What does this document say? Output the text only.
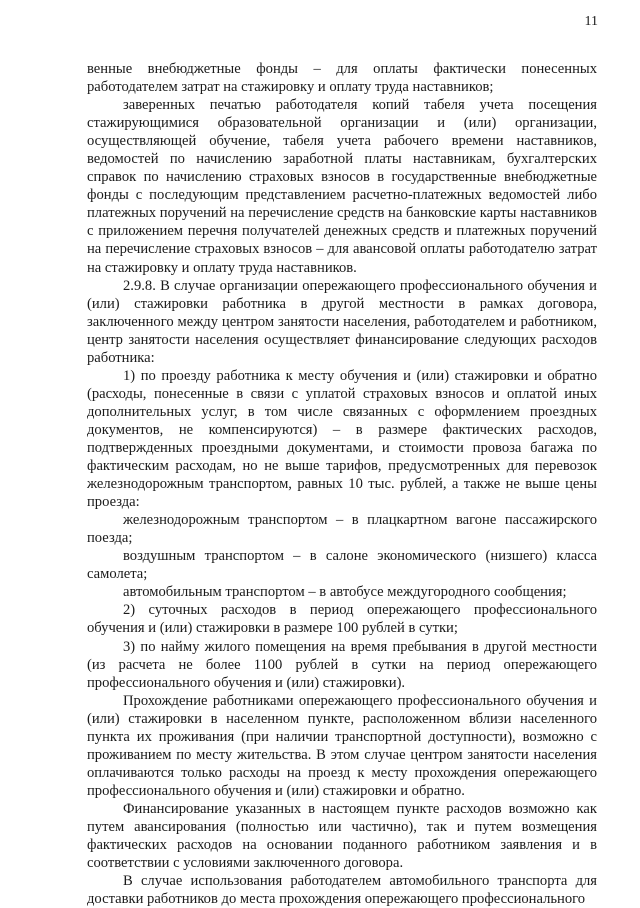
11

венные внебюджетные фонды – для оплаты фактически понесенных работодателем затрат на стажировку и оплату труда наставников;

заверенных печатью работодателя копий табеля учета посещения стажирующимися образовательной организации и (или) организации, осуществляющей обучение, табеля учета рабочего времени наставников, ведомостей по начислению заработной платы наставникам, бухгалтерских справок по начислению страховых взносов в государственные внебюджетные фонды с последующим представлением расчетно-платежных ведомостей либо платежных поручений на перечисление средств на банковские карты наставников с приложением перечня получателей денежных средств и платежных поручений на перечисление страховых взносов – для авансовой оплаты работодателю затрат на стажировку и оплату труда наставников.

2.9.8. В случае организации опережающего профессионального обучения и (или) стажировки работника в другой местности в рамках договора, заключенного между центром занятости населения, работодателем и работником, центр занятости населения осуществляет финансирование следующих расходов работника:

1) по проезду работника к месту обучения и (или) стажировки и обратно (расходы, понесенные в связи с уплатой страховых взносов и оплатой иных дополнительных услуг, в том числе связанных с оформлением проездных документов, не компенсируются) – в размере фактических расходов, подтвержденных проездными документами, и стоимости провоза багажа по фактическим расходам, но не выше тарифов, предусмотренных для перевозок железнодорожным транспортом, равных 10 тыс. рублей, а также не выше цены проезда:

железнодорожным транспортом – в плацкартном вагоне пассажирского поезда;

воздушным транспортом – в салоне экономического (низшего) класса самолета;

автомобильным транспортом – в автобусе междугородного сообщения;

2) суточных расходов в период опережающего профессионального обучения и (или) стажировки в размере 100 рублей в сутки;

3) по найму жилого помещения на время пребывания в другой местности (из расчета не более 1100 рублей в сутки на период опережающего профессионального обучения и (или) стажировки).

Прохождение работниками опережающего профессионального обучения и (или) стажировки в населенном пункте, расположенном вблизи населенного пункта их проживания (при наличии транспортной доступности), возможно с проживанием по месту жительства. В этом случае центром занятости населения оплачиваются только расходы на проезд к месту прохождения опережающего профессионального обучения и (или) стажировки и обратно.

Финансирование указанных в настоящем пункте расходов возможно как путем авансирования (полностью или частично), так и путем возмещения фактических расходов на основании поданного работником заявления и в соответствии с условиями заключенного договора.

В случае использования работодателем автомобильного транспорта для доставки работников до места прохождения опережающего профессионального
